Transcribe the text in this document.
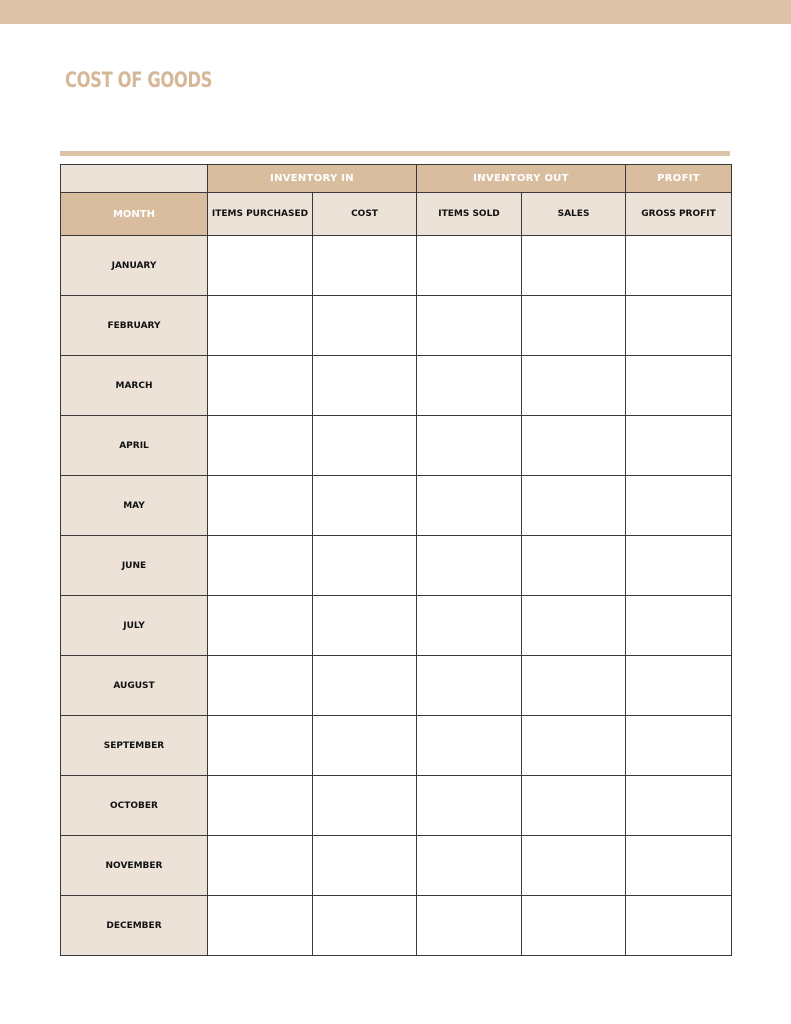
COST OF GOODS
	INVENTORY IN		INVENTORY OUT		PROFIT
MONTH	ITEMS PURCHASED	COST	ITEMS SOLD	SALES	GROSS PROFIT
JANUARY					
FEBRUARY					
MARCH					
APRIL					
MAY					
JUNE					
JULY					
AUGUST					
SEPTEMBER					
OCTOBER					
NOVEMBER					
DECEMBER					
